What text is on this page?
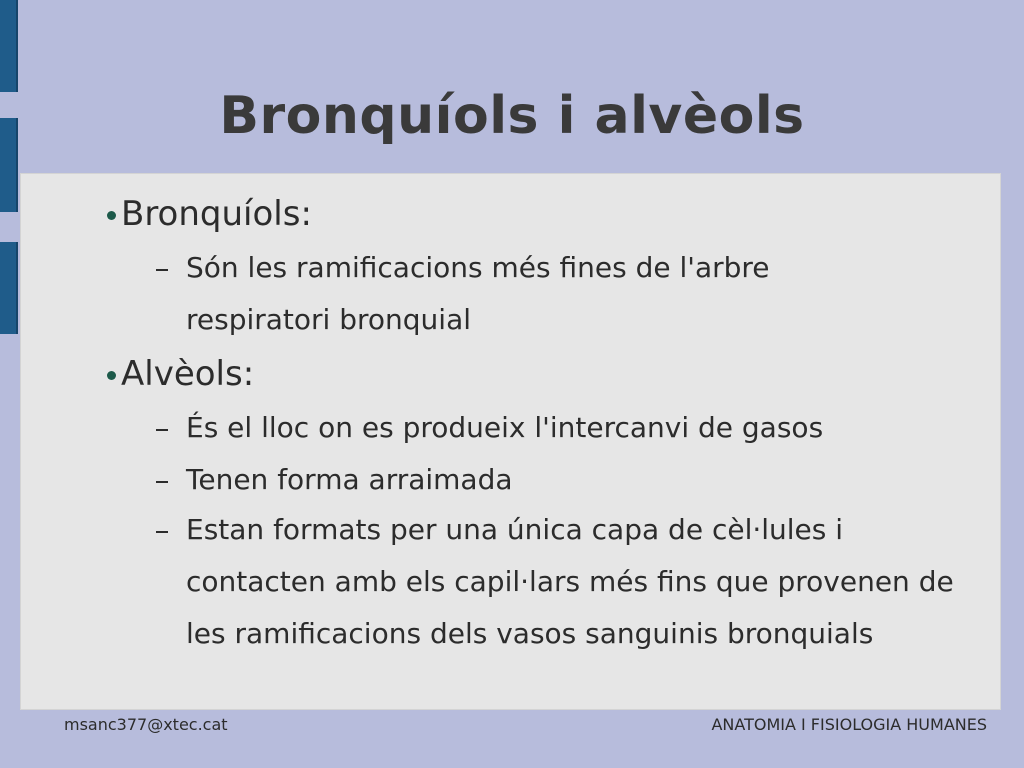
Bronquíols i alvèols
Bronquíols:
Són les ramificacions més fines de l'arbre respiratori bronquial
Alvèols:
És el lloc on es produeix l'intercanvi de gasos
Tenen forma arraimada
Estan formats per una única capa de cèl·lules i contacten amb els capil·lars més fins que provenen de les ramificacions dels vasos sanguinis bronquials
msanc377@xtec.cat	ANATOMIA I FISIOLOGIA HUMANES
